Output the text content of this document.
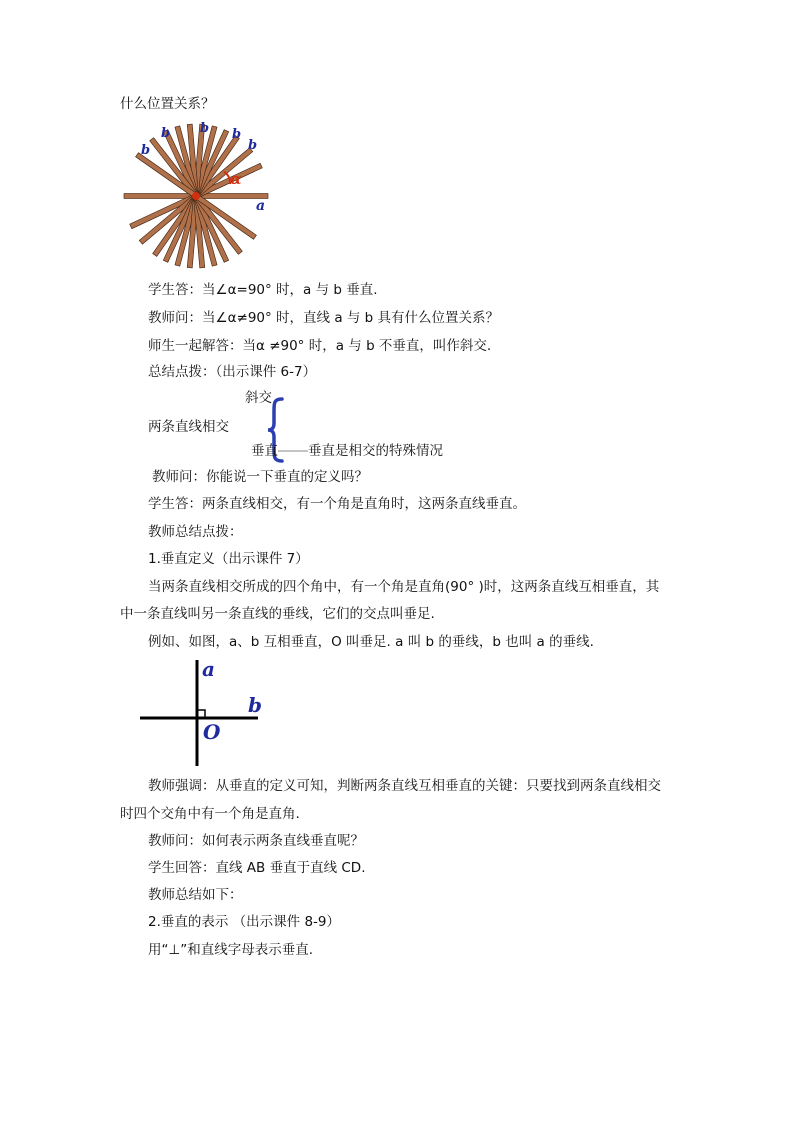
什么位置关系？
b
b b b
b
α
a
学生答：当∠α=90° 时，a 与 b 垂直.
教师问：当∠α≠90° 时，直线 a 与 b 具有什么位置关系？
师生一起解答：当α ≠90° 时，a 与 b 不垂直，叫作斜交.
总结点拨：（出示课件 6-7）
斜交
两条直线相交
垂直 垂直是相交的特殊情况
教师问：你能说一下垂直的定义吗？
学生答：两条直线相交，有一个角是直角时，这两条直线垂直。
教师总结点拨：
1.垂直定义（出示课件 7）
当两条直线相交所成的四个角中，有一个角是直角(90° )时，这两条直线互相垂直，其
中一条直线叫另一条直线的垂线，它们的交点叫垂足.
例如、如图，a、b 互相垂直，O 叫垂足. a 叫 b 的垂线，b 也叫 a 的垂线.
a
b
O
教师强调：从垂直的定义可知，判断两条直线互相垂直的关键：只要找到两条直线相交
时四个交角中有一个角是直角.
教师问：如何表示两条直线垂直呢？
学生回答：直线 AB 垂直于直线 CD.
教师总结如下：
2.垂直的表示 （出示课件 8-9）
用“⊥”和直线字母表示垂直.
